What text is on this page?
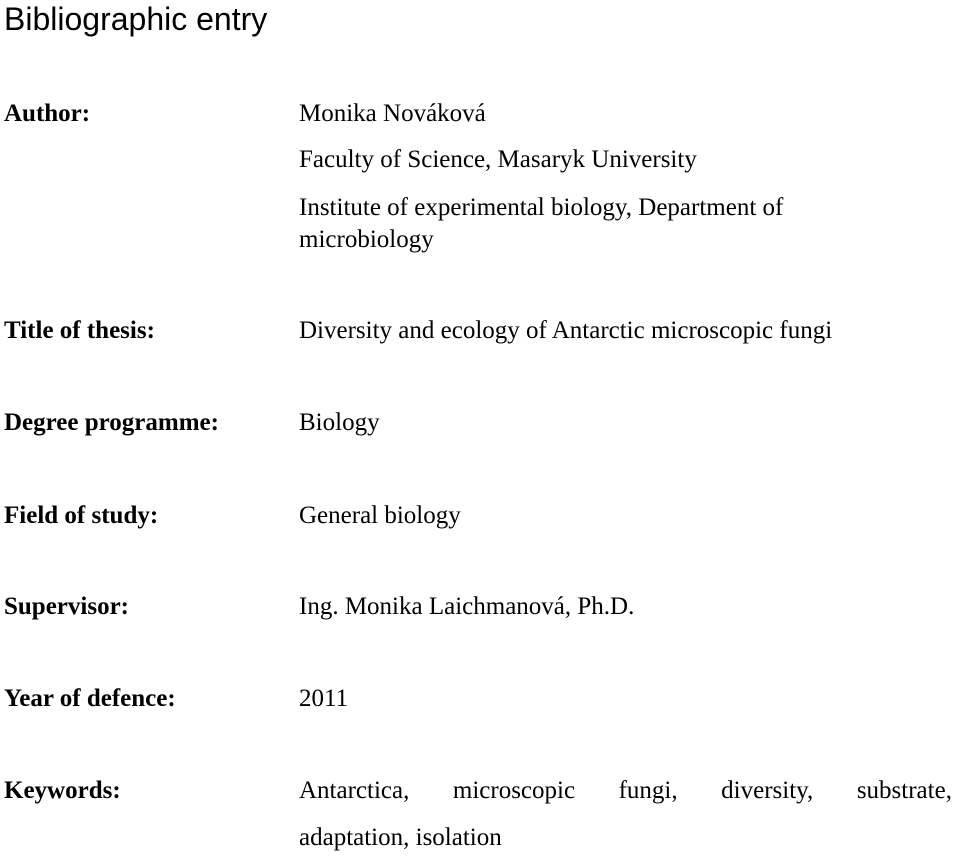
Bibliographic entry
Author:	Monika Nováková
Faculty of Science, Masaryk University
Institute of experimental biology, Department of
microbiology
Title of thesis:	Diversity and ecology of Antarctic microscopic fungi
Degree programme:	Biology
Field of study:	General biology
Supervisor:	Ing. Monika Laichmanová, Ph.D.
Year of defence:	2011
Keywords:	Antarctica, microscopic fungi, diversity, substrate,
adaptation, isolation
